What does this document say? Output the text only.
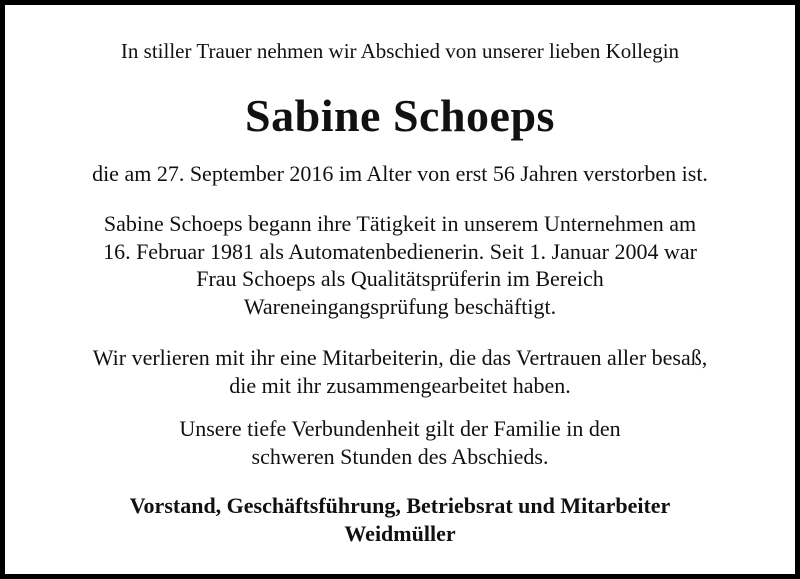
In stiller Trauer nehmen wir Abschied von unserer lieben Kollegin

Sabine Schoeps

die am 27. September 2016 im Alter von erst 56 Jahren verstorben ist.

Sabine Schoeps begann ihre Tätigkeit in unserem Unternehmen am
16. Februar 1981 als Automatenbedienerin. Seit 1. Januar 2004 war
Frau Schoeps als Qualitätsprüferin im Bereich
Wareneingangsprüfung beschäftigt.
Wir verlieren mit ihr eine Mitarbeiterin, die das Vertrauen aller besaß,
die mit ihr zusammengearbeitet haben.
Unsere tiefe Verbundenheit gilt der Familie in den
schweren Stunden des Abschieds.
Vorstand, Geschäftsführung, Betriebsrat und Mitarbeiter
Weidmüller
